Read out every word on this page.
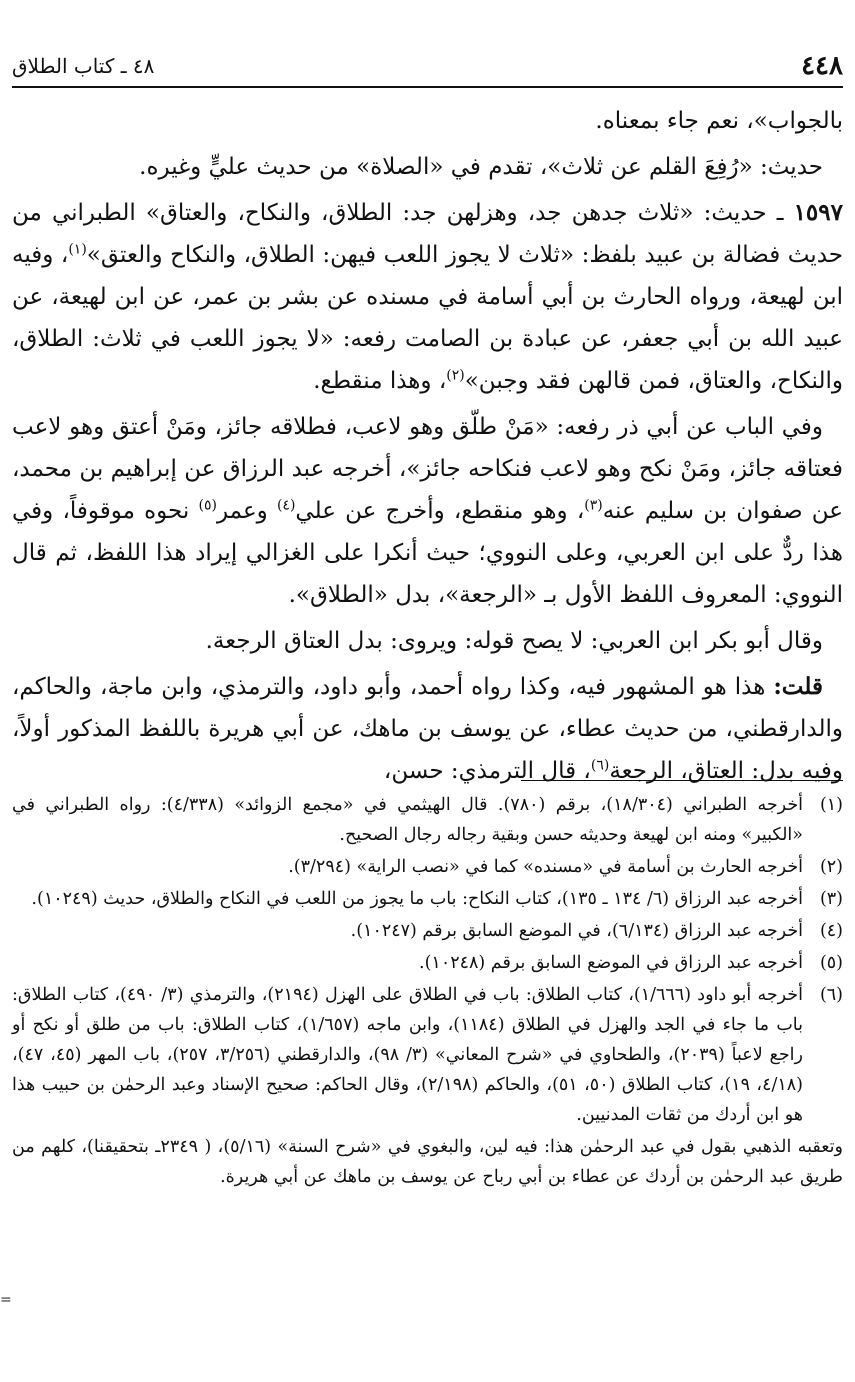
٤٤٨
٤٨ ـ كتاب الطلاق

بالجواب»، نعم جاء بمعناه.

حديث: «رُفِعَ القلم عن ثلاث»، تقدم في «الصلاة» من حديث عليٍّ وغيره.

١٥٩٧ ـ حديث: «ثلاث جدهن جد، وهزلهن جد: الطلاق، والنكاح، والعتاق» الطبراني من حديث فضالة بن عبيد بلفظ: «ثلاث لا يجوز اللعب فيهن: الطلاق، والنكاح والعتق»$^{(١)}$، وفيه ابن لهيعة، ورواه الحارث بن أبي أسامة في مسنده عن بشر بن عمر، عن ابن لهيعة، عن عبيد الله بن أبي جعفر، عن عبادة بن الصامت رفعه: «لا يجوز اللعب في ثلاث: الطلاق، والنكاح، والعتاق، فمن قالهن فقد وجبن»$^{(٢)}$، وهذا منقطع.

وفي الباب عن أبي ذر رفعه: «مَنْ طلّق وهو لاعب، فطلاقه جائز، ومَنْ أعتق وهو لاعب فعتاقه جائز، ومَنْ نكح وهو لاعب فنكاحه جائز»، أخرجه عبد الرزاق عن إبراهيم بن محمد، عن صفوان بن سليم عنه$^{(٣)}$، وهو منقطع، وأخرج عن علي$^{(٤)}$ وعمر$^{(٥)}$ نحوه موقوفاً، وفي هذا ردٌّ على ابن العربي، وعلى النووي؛ حيث أنكرا على الغزالي إيراد هذا اللفظ، ثم قال النووي: المعروف اللفظ الأول بـ «الرجعة»، بدل «الطلاق».

وقال أبو بكر ابن العربي: لا يصح قوله: ويروى: بدل العتاق الرجعة.

قلت: هذا هو المشهور فيه، وكذا رواه أحمد، وأبو داود، والترمذي، وابن ماجة، والحاكم، والدارقطني، من حديث عطاء، عن يوسف بن ماهك، عن أبي هريرة باللفظ المذكور أولاً، وفيه بدل: العتاق، الرجعة$^{(٦)}$، قال الترمذي: حسن،

(١)
أخرجه الطبراني (١٨/٣٠٤)، برقم (٧٨٠). قال الهيثمي في «مجمع الزوائد» (٤/٣٣٨): رواه الطبراني في «الكبير» ومنه ابن لهيعة وحديثه حسن وبقية رجاله رجال الصحيح.
(٢)
أخرجه الحارث بن أسامة في «مسنده» كما في «نصب الراية» (٣/٢٩٤).
(٣)
أخرجه عبد الرزاق (٦/ ١٣٤ ـ ١٣٥)، كتاب النكاح: باب ما يجوز من اللعب في النكاح والطلاق، حديث (١٠٢٤٩).
(٤)
أخرجه عبد الرزاق (٦/١٣٤)، في الموضع السابق برقم (١٠٢٤٧).
(٥)
أخرجه عبد الرزاق في الموضع السابق برقم (١٠٢٤٨).
(٦)
أخرجه أبو داود (١/٦٦٦)، كتاب الطلاق: باب في الطلاق على الهزل (٢١٩٤)، والترمذي (٣/ ٤٩٠)، كتاب الطلاق: باب ما جاء في الجد والهزل في الطلاق (١١٨٤)، وابن ماجه (١/٦٥٧)، كتاب الطلاق: باب من طلق أو نكح أو راجع لاعباً (٢٠٣٩)، والطحاوي في «شرح المعاني» (٣/ ٩٨)، والدارقطني (٣/٢٥٦، ٢٥٧)، باب المهر (٤٥، ٤٧)، (٤/١٨، ١٩)، كتاب الطلاق (٥٠، ٥١)، والحاكم (٢/١٩٨)، وقال الحاكم: صحيح الإسناد وعبد الرحمٰن بن حبيب هذا هو ابن أردك من ثقات المدنيين.
وتعقبه الذهبي بقول في عبد الرحمٰن هذا: فيه لين، والبغوي في «شرح السنة» (٥/١٦)، ( ٢٣٤٩ـ بتحقيقنا)، كلهم من طريق عبد الرحمٰن بن أردك عن عطاء بن أبي رباح عن يوسف بن ماهك عن أبي هريرة.
=
